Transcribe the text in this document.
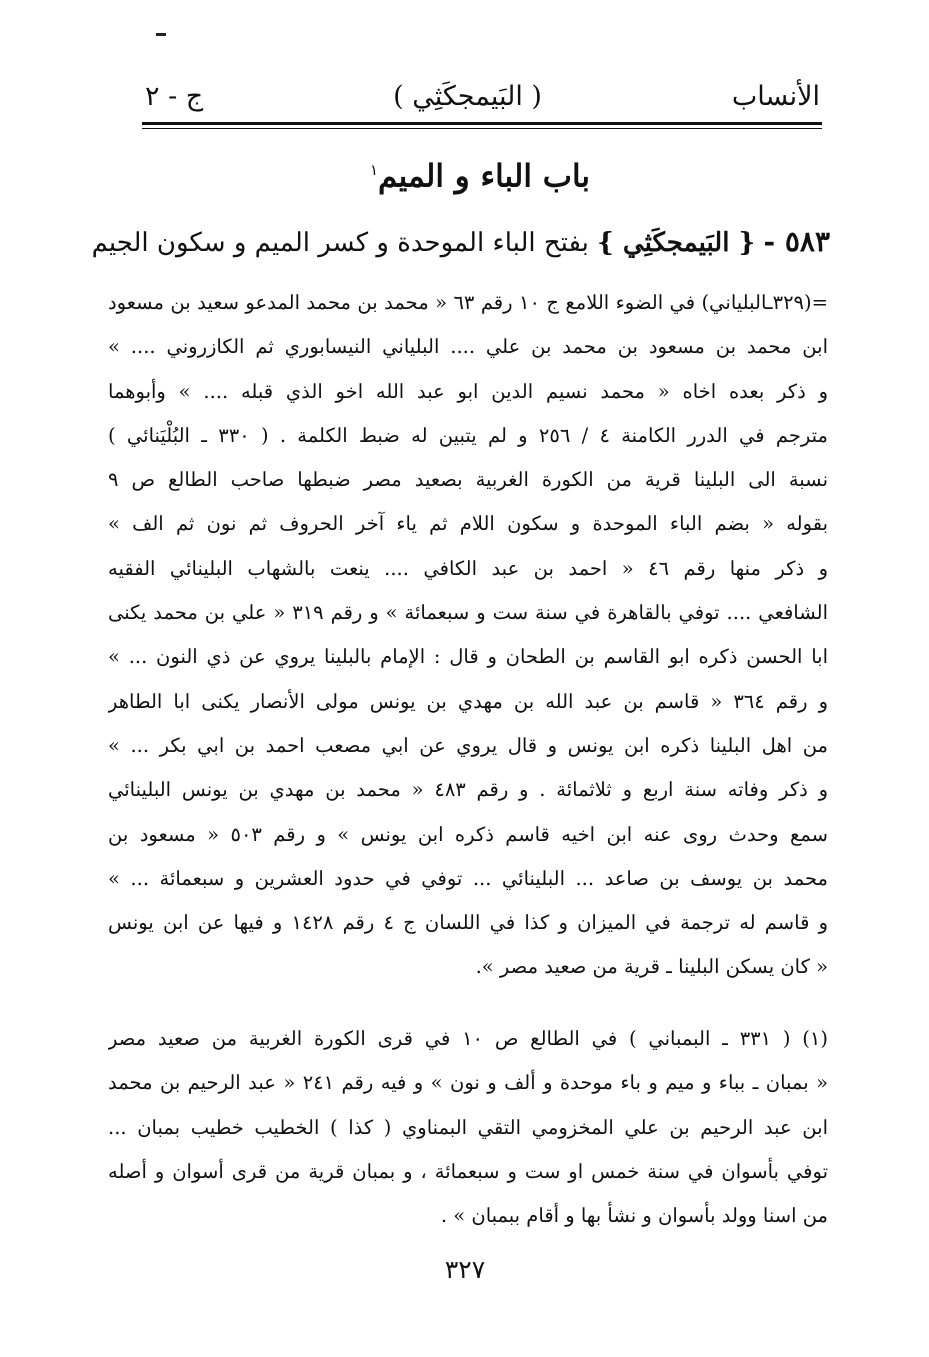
الأنساب
( البَيمجكَثِي )
ج - ٢
باب الباء و الميم$^١$
٥٨٣ - { البَيمجكَثِي } بفتح الباء الموحدة و كسر الميم و سكون الجيم
=(٣٢٩ـالبلياني) في الضوء اللامع ج ١٠ رقم ٦٣ « محمد بن محمد المدعو سعيد بن مسعود
ابن محمد بن مسعود بن محمد بن علي .... البلياني النيسابوري ثم الكازروني .... »
و ذكر بعده اخاه « محمد نسيم الدين ابو عبد الله اخو الذي قبله .... » وأبوهما
مترجم في الدرر الكامنة ٤ / ٢٥٦ و لم يتبين له ضبط الكلمة . ( ٣٣٠ ـ البُلْيَنائي )
نسبة الى البلينا قرية من الكورة الغربية بصعيد مصر ضبطها صاحب الطالع ص ٩
بقوله « بضم الباء الموحدة و سكون اللام ثم ياء آخر الحروف ثم نون ثم الف »
و ذكر منها رقم ٤٦ « احمد بن عبد الكافي .... ينعت بالشهاب البلينائي الفقيه
الشافعي .... توفي بالقاهرة في سنة ست و سبعمائة » و رقم ٣١٩ « علي بن محمد يكنى
ابا الحسن ذكره ابو القاسم بن الطحان و قال : الإمام بالبلينا يروي عن ذي النون ... »
و رقم ٣٦٤ « قاسم بن عبد الله بن مهدي بن يونس مولى الأنصار يكنى ابا الطاهر
من اهل البلينا ذكره ابن يونس و قال يروي عن ابي مصعب احمد بن ابي بكر ... »
و ذكر وفاته سنة اربع و ثلاثمائة . و رقم ٤٨٣ « محمد بن مهدي بن يونس البلينائي
سمع وحدث روى عنه ابن اخيه قاسم ذكره ابن يونس » و رقم ٥٠٣ « مسعود بن
محمد بن يوسف بن صاعد ... البلينائي ... توفي في حدود العشرين و سبعمائة ... »
و قاسم له ترجمة في الميزان و كذا في اللسان ج ٤ رقم ١٤٢٨ و فيها عن ابن يونس
« كان يسكن البلينا ـ قرية من صعيد مصر ».
(١) ( ٣٣١ ـ البمباني ) في الطالع ص ١٠ في قرى الكورة الغربية من صعيد مصر
« بمبان ـ بباء و ميم و باء موحدة و ألف و نون » و فيه رقم ٢٤١ « عبد الرحيم بن محمد
ابن عبد الرحيم بن علي المخزومي التقي البمناوي ( كذا ) الخطيب خطيب بمبان ...
توفي بأسوان في سنة خمس او ست و سبعمائة ، و بمبان قرية من قرى أسوان و أصله
من اسنا وولد بأسوان و نشأ بها و أقام ببمبان » .
٣٢٧
